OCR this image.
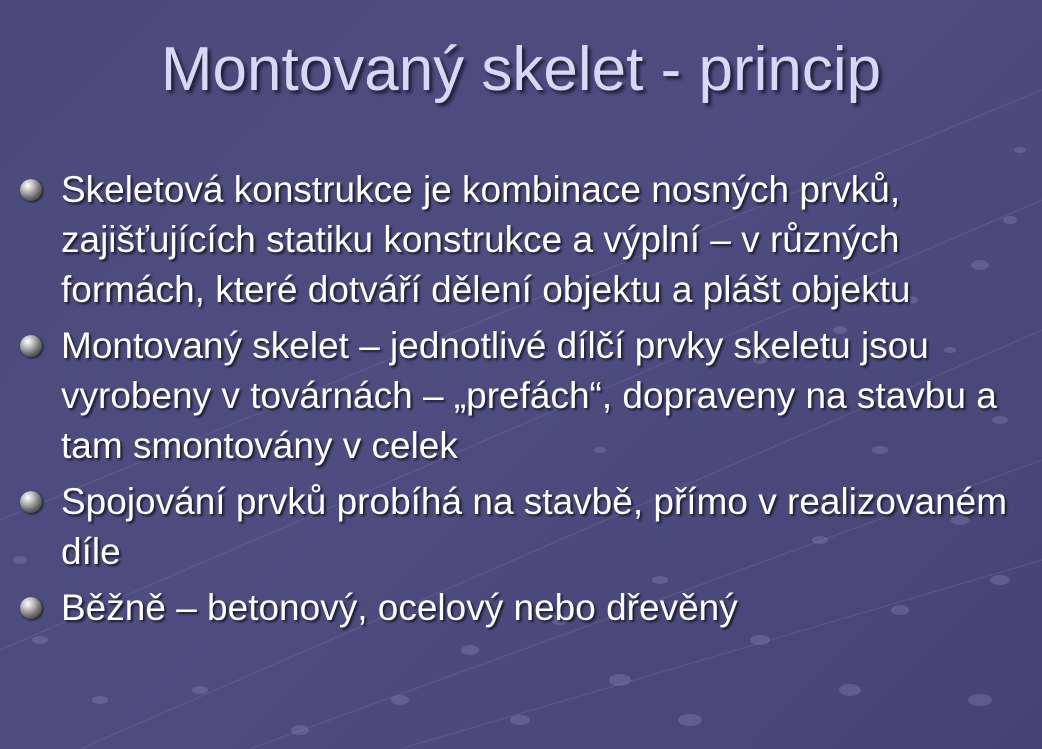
Montovaný skelet - princip
Skeletová konstrukce je kombinace nosných prvků, zajišťujících statiku konstrukce a výplní – v různých formách, které dotváří dělení objektu a plášt objektu
Montovaný skelet – jednotlivé dílčí prvky skeletu jsou vyrobeny v továrnách – „prefách“, dopraveny na stavbu a tam smontovány v celek
Spojování prvků probíhá na stavbě, přímo v realizovaném díle
Běžně – betonový, ocelový nebo dřevěný
